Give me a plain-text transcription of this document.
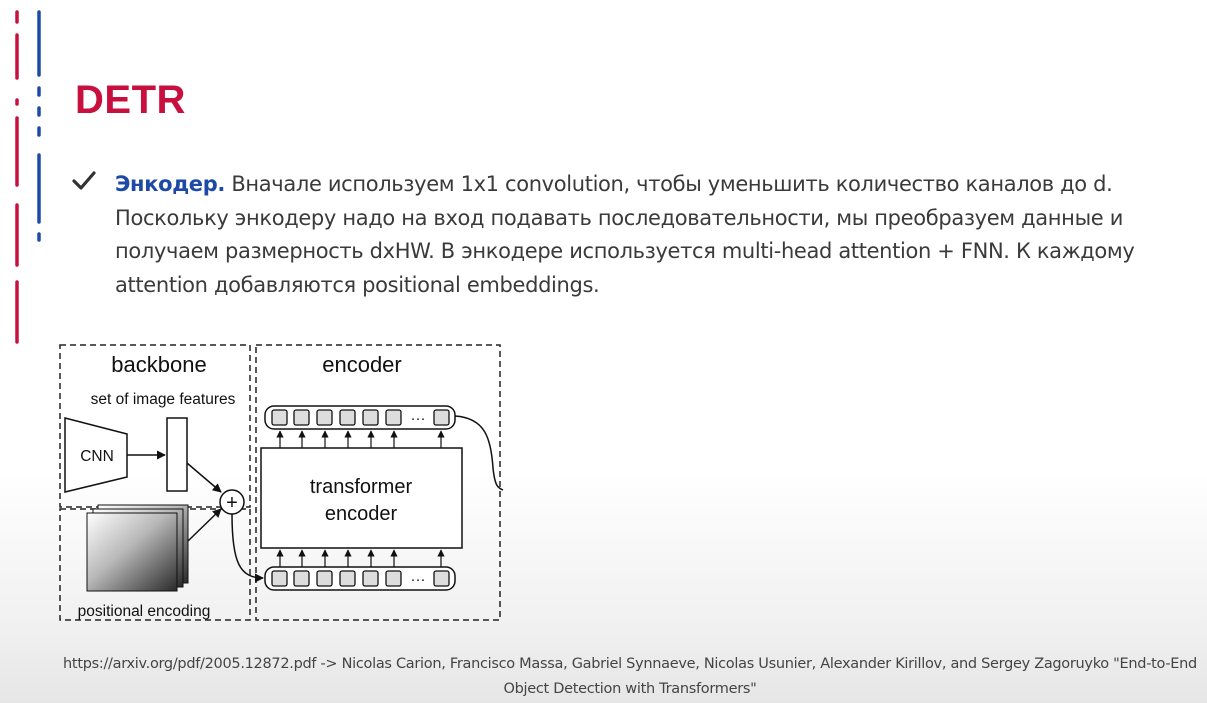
DETR
Энкодер. Вначале используем 1x1 convolution, чтобы уменьшить количество каналов до d. Поскольку энкодеру надо на вход подавать последовательности, мы преобразуем данные и получаем размерность dxHW. В энкодере используется multi-head attention + FNN. К каждому attention добавляются positional embeddings.
backbone
set of image features
encoder
positional encoding
CNN
+
transformer
encoder
···
···
https://arxiv.org/pdf/2005.12872.pdf -> Nicolas Carion, Francisco Massa, Gabriel Synnaeve, Nicolas Usunier, Alexander Kirillov, and Sergey Zagoruyko "End-to-End
Object Detection with Transformers"
